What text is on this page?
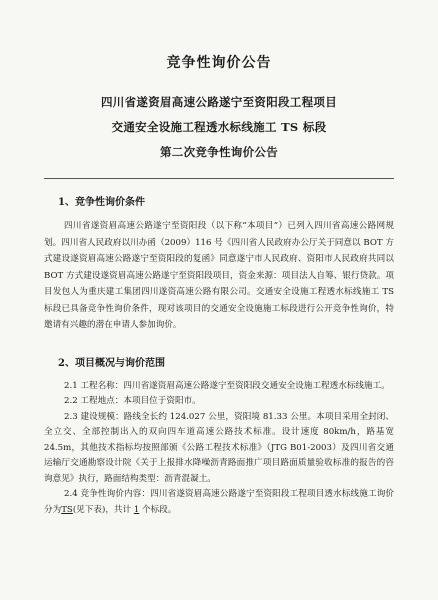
竞争性询价公告
四川省遂资眉高速公路遂宁至资阳段工程项目
交通安全设施工程透水标线施工 TS 标段
第二次竞争性询价公告
1、竞争性询价条件

四川省遂资眉高速公路遂宁至资阳段（以下称“本项目”）已列入四川省高速公路网规划。四川省人民政府以川办函（2009）116 号《四川省人民政府办公厅关于同意以 BOT 方式建设遂资眉高速公路遂宁至资阳段的复函》同意遂宁市人民政府、资阳市人民政府共同以 BOT 方式建设遂资眉高速公路遂宁至资阳段项目，资金来源：项目法人自筹、银行贷款。项目发包人为重庆建工集团四川遂资高速公路有限公司。交通安全设施工程透水标线施工 TS 标段已具备竞争性询价条件，现对该项目的交通安全设施施工标段进行公开竞争性询价，特邀请有兴趣的潜在申请人参加询价。

2、项目概况与询价范围

2.1 工程名称：四川省遂资眉高速公路遂宁至资阳段交通安全设施工程透水标线施工。

2.2 工程地点：本项目位于资阳市。

2.3 建设规模：路线全长约 124.027 公里，资阳境 81.33 公里。本项目采用全封闭、全立交、全部控制出入的双向四车道高速公路技术标准。设计速度 80km/h，路基宽 24.5m，其他技术指标均按照部颁《公路工程技术标准》（JTG B01-2003）及四川省交通运输厅交通勘察设计院《关于上报排水降噪沥青路面推广项目路面质量验收标准的报告的咨询意见》执行，路面结构类型：沥青混凝土。

2.4 竞争性询价内容：四川省遂资眉高速公路遂宁至资阳段工程项目透水标线施工询价分为TS(见下表)，共计 1 个标段。
